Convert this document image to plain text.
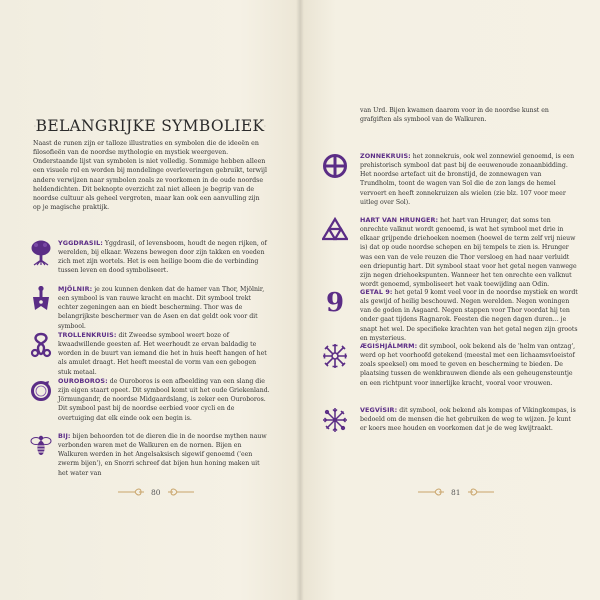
BELANGRIJKE SYMBOLIEK
Naast de runen zijn er talloze illustraties en symbolen die de ideeën en filosofieën van de noordse mythologie en mystiek weergeven. Onderstaande lijst van symbolen is niet volledig. Sommige hebben alleen een visuele rol en worden bij mondelinge overleveringen gebruikt, terwijl andere verwijzen naar symbolen zoals ze voorkomen in de oude noordse heldendichten. Dit beknopte overzicht zal niet alleen je begrip van de noordse cultuur als geheel vergroten, maar kan ook een aanvulling zijn op je magische praktijk.
YGGDRASIL: Yggdrasil, of levensboom, houdt de negen rijken, of werelden, bij elkaar. Wezens bewegen door zijn takken en voeden zich met zijn wortels. Het is een heilige boom die de verbinding tussen leven en dood symboliseert.
MJÖLNIR: je zou kunnen denken dat de hamer van Thor, Mjölnir, een symbool is van rauwe kracht en macht. Dit symbool trekt echter zegeningen aan en biedt bescherming. Thor was de belangrijkste beschermer van de Asen en dat geldt ook voor dit symbool.
TROLLENKRUIS: dit Zweedse symbool weert boze of kwaadwillende geesten af. Het weerhoudt ze ervan baldadig te worden in de buurt van iemand die het in huis heeft hangen of het als amulet draagt. Het heeft meestal de vorm van een gebogen stuk metaal.
OUROBOROS: de Ouroboros is een afbeelding van een slang die zijn eigen staart opeet. Dit symbool komt uit het oude Griekenland. Jörmungandr, de noordse Midgaardslang, is zeker een Ouroboros. Dit symbool past bij de noordse eerbied voor cycli en de overtuiging dat elk einde ook een begin is.
BIJ: bijen behoorden tot de dieren die in de noordse mythen nauw verbonden waren met de Walkuren en de nornen. Bijen en Walkuren werden in het Angelsaksisch sigewif genoemd ('een zwerm bijen'), en Snorri schreef dat bijen hun honing maken uit het water van
80
van Urd. Bijen kwamen daarom voor in de noordse kunst en grafgiften als symbool van de Walkuren.
ZONNEKRUIS: het zonnekruis, ook wel zonnewiel genoemd, is een prehistorisch symbool dat past bij de eeuwenoude zonaanbidding. Het noordse artefact uit de bronstijd, de zonnewagen van Trundholm, toont de wagen van Sol die de zon langs de hemel vervoert en heeft zonnekruizen als wielen (zie blz. 107 voor meer uitleg over Sol).
HART VAN HRUNGER: het hart van Hrunger, dat soms ten onrechte valknut wordt genoemd, is wat het symbool met drie in elkaar grijpende driehoeken noemen (hoewel de term zelf vrij nieuw is) dat op oude noordse schepen en bij tempels te zien is. Hrunger was een van de vele reuzen die Thor versloeg en had naar verluidt een driepuntig hart. Dit symbool staat voor het getal negen vanwege zijn negen driehoekspunten. Wanneer het ten onrechte een valknut wordt genoemd, symboliseert het vaak toewijding aan Odin.
9 GETAL 9: het getal 9 komt veel voor in de noordse mystiek en wordt als gewijd of heilig beschouwd. Negen werelden. Negen woningen van de goden in Asgaard. Negen stappen voor Thor voordat hij ten onder gaat tijdens Ragnarok. Feesten die negen dagen duren... je snapt het wel. De specifieke krachten van het getal negen zijn groots en mysterieus.
ÆGISHJÁLMRM: dit symbool, ook bekend als de 'helm van ontzag', werd op het voorhoofd getekend (meestal met een lichaamsvloeistof zoals speeksel) om moed te geven en bescherming te bieden. De plaatsing tussen de wenkbrauwen diende als een geheugensteuntje en een richtpunt voor innerlijke kracht, vooral voor vrouwen.
VEGVÍSIR: dit symbool, ook bekend als kompas of Vikingkompas, is bedoeld om de mensen die het gebruiken de weg te wijzen. Je kunt er koers mee houden en voorkomen dat je de weg kwijtraakt.
81
